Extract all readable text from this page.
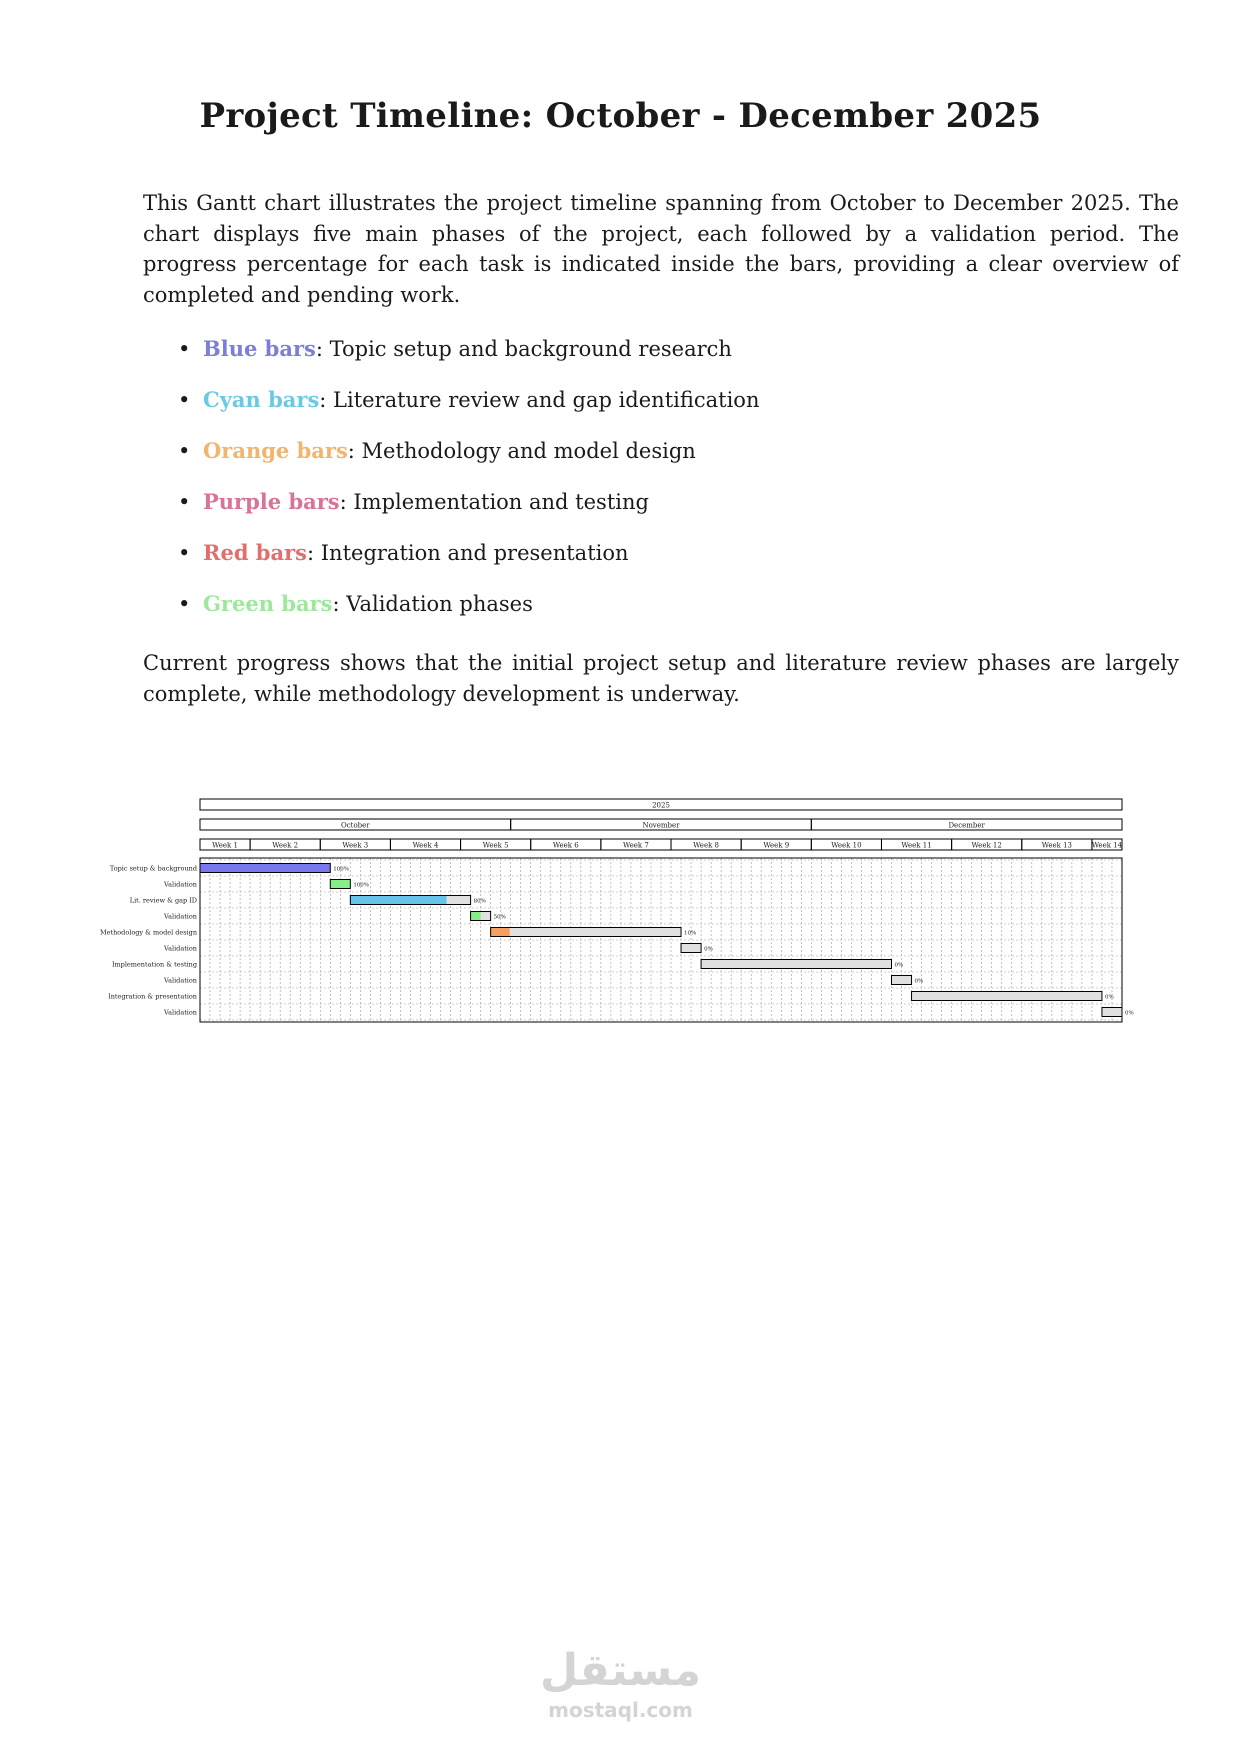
Project Timeline: October - December 2025

This Gantt chart illustrates the project timeline spanning from October to December 2025. The chart displays five main phases of the project, each followed by a validation period. The progress percentage for each task is indicated inside the bars, providing a clear overview of completed and pending work.

• Blue bars: Topic setup and background research
• Cyan bars: Literature review and gap identification
• Orange bars: Methodology and model design
• Purple bars: Implementation and testing
• Red bars: Integration and presentation
• Green bars: Validation phases

Current progress shows that the initial project setup and literature review phases are largely complete, while methodology development is underway.

2025
October	November	December
Week 1	Week 2	Week 3	Week 4	Week 5	Week 6	Week 7	Week 8	Week 9	Week 10	Week 11	Week 12	Week 13	Week 14
Topic setup & background	100%
Validation	100%
Lit. review & gap ID	80%
Validation	50%
Methodology & model design	10%
Validation	0%
Implementation & testing	0%
Validation	0%
Integration & presentation	0%
Validation	0%
مستقل
mostaql.com
